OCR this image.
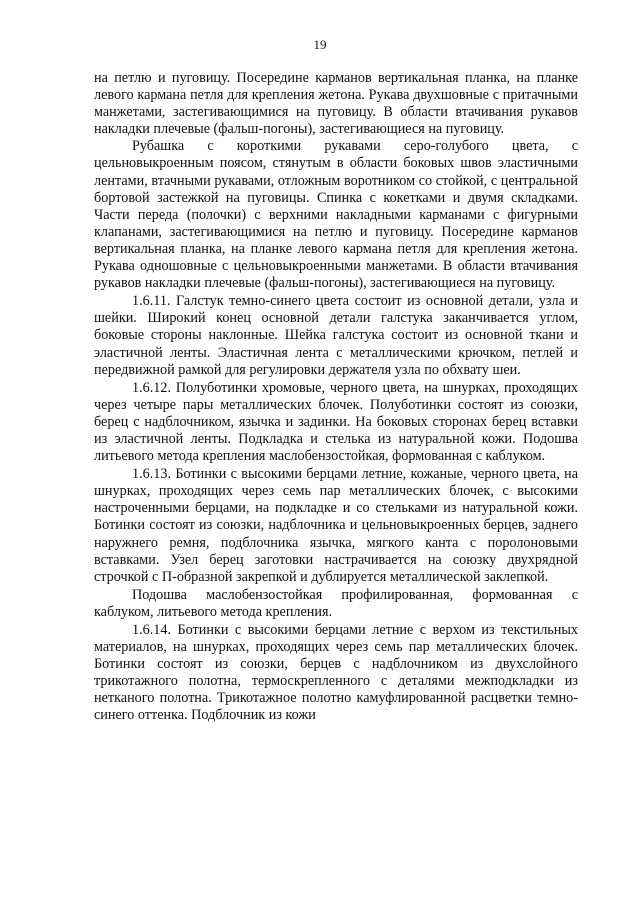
19

на петлю и пуговицу. Посередине карманов вертикальная планка, на планке левого кармана петля для крепления жетона. Рукава двухшовные с притачными манжетами, застегивающимися на пуговицу. В области втачивания рукавов накладки плечевые (фальш-погоны), застегивающиеся на пуговицу.

Рубашка с короткими рукавами серо-голубого цвета, с цельновыкроенным поясом, стянутым в области боковых швов эластичными лентами, втачными рукавами, отложным воротником со стойкой, с центральной бортовой застежкой на пуговицы. Спинка с кокетками и двумя складками. Части переда (полочки) с верхними накладными карманами с фигурными клапанами, застегивающимися на петлю и пуговицу. Посередине карманов вертикальная планка, на планке левого кармана петля для крепления жетона. Рукава одношовные с цельновыкроенными манжетами. В области втачивания рукавов накладки плечевые (фальш-погоны), застегивающиеся на пуговицу.

1.6.11. Галстук темно-синего цвета состоит из основной детали, узла и шейки. Широкий конец основной детали галстука заканчивается углом, боковые стороны наклонные. Шейка галстука состоит из основной ткани и эластичной ленты. Эластичная лента с металлическими крючком, петлей и передвижной рамкой для регулировки держателя узла по обхвату шеи.

1.6.12. Полуботинки хромовые, черного цвета, на шнурках, проходящих через четыре пары металлических блочек. Полуботинки состоят из союзки, берец с надблочником, язычка и задинки. На боковых сторонах берец вставки из эластичной ленты. Подкладка и стелька из натуральной кожи. Подошва литьевого метода крепления маслобензостойкая, формованная с каблуком.

1.6.13. Ботинки с высокими берцами летние, кожаные, черного цвета, на шнурках, проходящих через семь пар металлических блочек, с высокими настроченными берцами, на подкладке и со стельками из натуральной кожи. Ботинки состоят из союзки, надблочника и цельновыкроенных берцев, заднего наружнего ремня, подблочника язычка, мягкого канта с поролоновыми вставками. Узел берец заготовки настрачивается на союзку двухрядной строчкой с П-образной закрепкой и дублируется металлической заклепкой.

Подошва маслобензостойкая профилированная, формованная с каблуком, литьевого метода крепления.

1.6.14. Ботинки с высокими берцами летние с верхом из текстильных материалов, на шнурках, проходящих через семь пар металлических блочек. Ботинки состоят из союзки, берцев с надблочником из двухслойного трикотажного полотна, термоскрепленного с деталями межподкладки из нетканого полотна. Трикотажное полотно камуфлированной расцветки темно-синего оттенка. Подблочник из кожи
